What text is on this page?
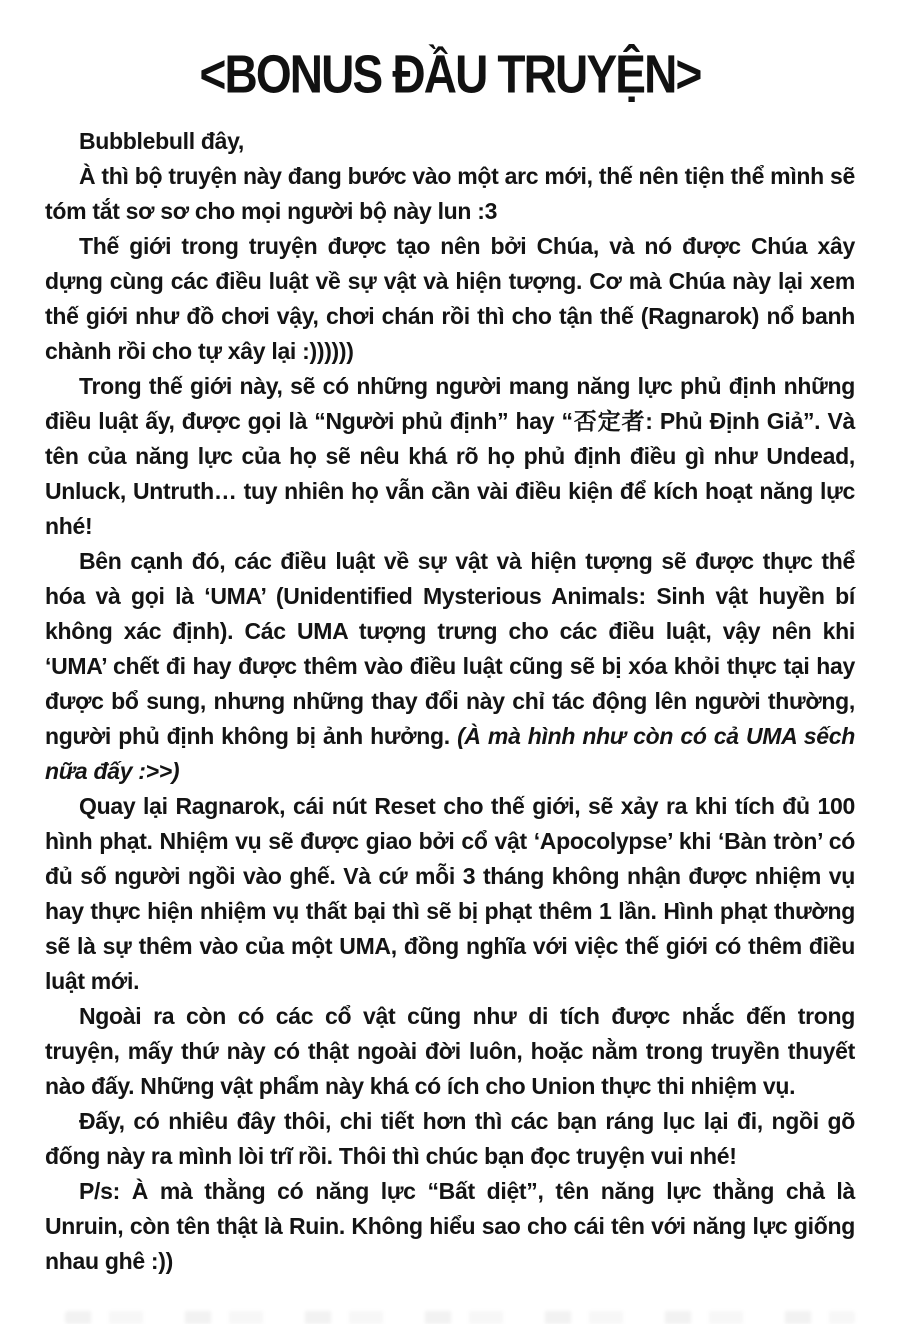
<BONUS ĐẦU TRUYỆN>

Bubblebull đây,

À thì bộ truyện này đang bước vào một arc mới, thế nên tiện thể mình sẽ tóm tắt sơ sơ cho mọi người bộ này lun :3

Thế giới trong truyện được tạo nên bởi Chúa, và nó được Chúa xây dựng cùng các điều luật về sự vật và hiện tượng. Cơ mà Chúa này lại xem thế giới như đồ chơi vậy, chơi chán rồi thì cho tận thế (Ragnarok) nổ banh chành rồi cho tự xây lại :))))))

Trong thế giới này, sẽ có những người mang năng lực phủ định những điều luật ấy, được gọi là “Người phủ định” hay “否定者: Phủ Định Giả”. Và tên của năng lực của họ sẽ nêu khá rõ họ phủ định điều gì như Undead, Unluck, Untruth… tuy nhiên họ vẫn cần vài điều kiện để kích hoạt năng lực nhé!

Bên cạnh đó, các điều luật về sự vật và hiện tượng sẽ được thực thể hóa và gọi là ‘UMA’ (Unidentified Mysterious Animals: Sinh vật huyền bí không xác định). Các UMA tượng trưng cho các điều luật, vậy nên khi ‘UMA’ chết đi hay được thêm vào điều luật cũng sẽ bị xóa khỏi thực tại hay được bổ sung, nhưng những thay đổi này chỉ tác động lên người thường, người phủ định không bị ảnh hưởng. (À mà hình như còn có cả UMA sếch nữa đấy :>>)

Quay lại Ragnarok, cái nút Reset cho thế giới, sẽ xảy ra khi tích đủ 100 hình phạt. Nhiệm vụ sẽ được giao bởi cổ vật ‘Apocolypse’ khi ‘Bàn tròn’ có đủ số người ngồi vào ghế. Và cứ mỗi 3 tháng không nhận được nhiệm vụ hay thực hiện nhiệm vụ thất bại thì sẽ bị phạt thêm 1 lần. Hình phạt thường sẽ là sự thêm vào của một UMA, đồng nghĩa với việc thế giới có thêm điều luật mới.

Ngoài ra còn có các cổ vật cũng như di tích được nhắc đến trong truyện, mấy thứ này có thật ngoài đời luôn, hoặc nằm trong truyền thuyết nào đấy. Những vật phẩm này khá có ích cho Union thực thi nhiệm vụ.

Đấy, có nhiêu đây thôi, chi tiết hơn thì các bạn ráng lục lại đi, ngồi gõ đống này ra mình lòi trĩ rồi. Thôi thì chúc bạn đọc truyện vui nhé!

P/s: À mà thằng có năng lực “Bất diệt”, tên năng lực thằng chả là Unruin, còn tên thật là Ruin. Không hiểu sao cho cái tên với năng lực giống nhau ghê :))
